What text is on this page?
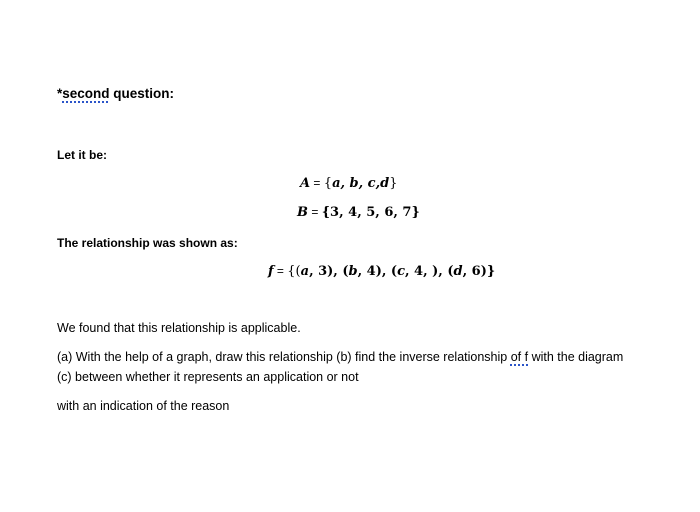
*second question:
Let it be:
A = {a, b, c,d}
B = {3, 4, 5, 6, 7}
The relationship was shown as:
f = {(a, 3), (b, 4), (c, 4, ), (d, 6)}
We found that this relationship is applicable.
(a) With the help of a graph, draw this relationship (b) find the inverse relationship of f with the diagram
(c) between whether it represents an application or not
with an indication of the reason
